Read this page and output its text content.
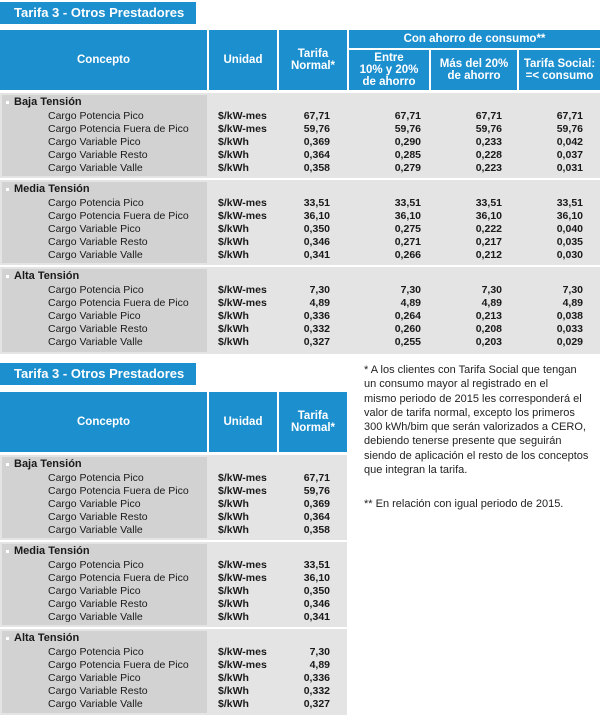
Tarifa 3 - Otros Prestadores
Concepto	Unidad	Tarifa
Normal*
Con ahorro de consumo**
Entre
10% y 20%
de ahorro
Más del 20%
de ahorro
Tarifa Social:
=< consumo
Baja Tensión
Cargo Potencia Pico	$/kW-mes	67,71	67,71	67,71	67,71
Cargo Potencia Fuera de Pico	$/kW-mes	59,76	59,76	59,76	59,76
Cargo Variable Pico	$/kWh	0,369	0,290	0,233	0,042
Cargo Variable Resto	$/kWh	0,364	0,285	0,228	0,037
Cargo Variable Valle	$/kWh	0,358	0,279	0,223	0,031
Media Tensión
Cargo Potencia Pico	$/kW-mes	33,51	33,51	33,51	33,51
Cargo Potencia Fuera de Pico	$/kW-mes	36,10	36,10	36,10	36,10
Cargo Variable Pico	$/kWh	0,350	0,275	0,222	0,040
Cargo Variable Resto	$/kWh	0,346	0,271	0,217	0,035
Cargo Variable Valle	$/kWh	0,341	0,266	0,212	0,030
Alta Tensión
Cargo Potencia Pico	$/kW-mes	7,30	7,30	7,30	7,30
Cargo Potencia Fuera de Pico	$/kW-mes	4,89	4,89	4,89	4,89
Cargo Variable Pico	$/kWh	0,336	0,264	0,213	0,038
Cargo Variable Resto	$/kWh	0,332	0,260	0,208	0,033
Cargo Variable Valle	$/kWh	0,327	0,255	0,203	0,029
Tarifa 3 - Otros Prestadores
Concepto	Unidad	Tarifa
Normal*
Baja Tensión
Cargo Potencia Pico	$/kW-mes	67,71
Cargo Potencia Fuera de Pico	$/kW-mes	59,76
Cargo Variable Pico	$/kWh	0,369
Cargo Variable Resto	$/kWh	0,364
Cargo Variable Valle	$/kWh	0,358
Media Tensión
Cargo Potencia Pico	$/kW-mes	33,51
Cargo Potencia Fuera de Pico	$/kW-mes	36,10
Cargo Variable Pico	$/kWh	0,350
Cargo Variable Resto	$/kWh	0,346
Cargo Variable Valle	$/kWh	0,341
Alta Tensión
Cargo Potencia Pico	$/kW-mes	7,30
Cargo Potencia Fuera de Pico	$/kW-mes	4,89
Cargo Variable Pico	$/kWh	0,336
Cargo Variable Resto	$/kWh	0,332
Cargo Variable Valle	$/kWh	0,327
* A los clientes con Tarifa Social que tengan
un consumo mayor al registrado en el
mismo periodo de 2015 les corresponderá el
valor de tarifa normal, excepto los primeros
300 kWh/bim que serán valorizados a CERO,
debiendo tenerse presente que seguirán
siendo de aplicación el resto de los conceptos
que integran la tarifa.
** En relación con igual periodo de 2015.
